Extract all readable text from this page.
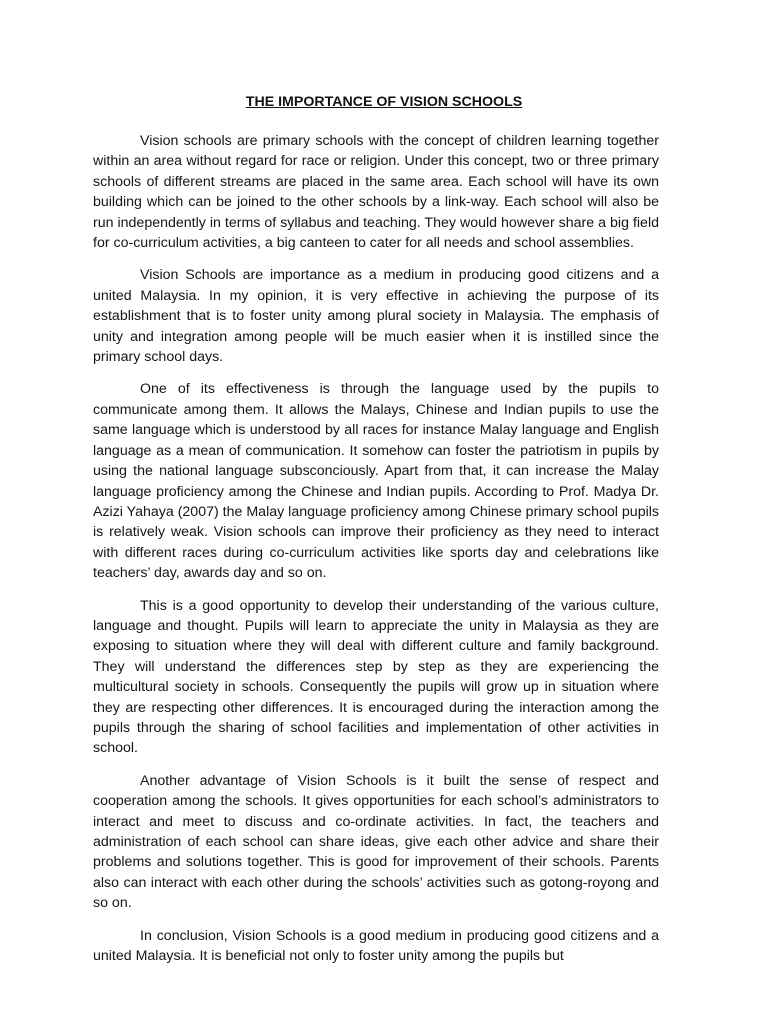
THE IMPORTANCE OF VISION SCHOOLS

Vision schools are primary schools with the concept of children learning together within an area without regard for race or religion. Under this concept, two or three primary schools of different streams are placed in the same area. Each school will have its own building which can be joined to the other schools by a link-way. Each school will also be run independently in terms of syllabus and teaching. They would however share a big field for co-curriculum activities, a big canteen to cater for all needs and school assemblies.

Vision Schools are importance as a medium in producing good citizens and a united Malaysia. In my opinion, it is very effective in achieving the purpose of its establishment that is to foster unity among plural society in Malaysia. The emphasis of unity and integration among people will be much easier when it is instilled since the primary school days.

One of its effectiveness is through the language used by the pupils to communicate among them. It allows the Malays, Chinese and Indian pupils to use the same language which is understood by all races for instance Malay language and English language as a mean of communication. It somehow can foster the patriotism in pupils by using the national language subsconciously. Apart from that, it can increase the Malay language proficiency among the Chinese and Indian pupils. According to Prof. Madya Dr. Azizi Yahaya (2007) the Malay language proficiency among Chinese primary school pupils is relatively weak. Vision schools can improve their proficiency as they need to interact with different races during co-curriculum activities like sports day and celebrations like teachers’ day, awards day and so on.

This is a good opportunity to develop their understanding of the various culture, language and thought. Pupils will learn to appreciate the unity in Malaysia as they are exposing to situation where they will deal with different culture and family background. They will understand the differences step by step as they are experiencing the multicultural society in schools. Consequently the pupils will grow up in situation where they are respecting other differences. It is encouraged during the interaction among the pupils through the sharing of school facilities and implementation of other activities in school.

Another advantage of Vision Schools is it built the sense of respect and cooperation among the schools. It gives opportunities for each school’s administrators to interact and meet to discuss and co-ordinate activities. In fact, the teachers and administration of each school can share ideas, give each other advice and share their problems and solutions together. This is good for improvement of their schools. Parents also can interact with each other during the schools’ activities such as gotong-royong and so on.

In conclusion, Vision Schools is a good medium in producing good citizens and a united Malaysia. It is beneficial not only to foster unity among the pupils but
